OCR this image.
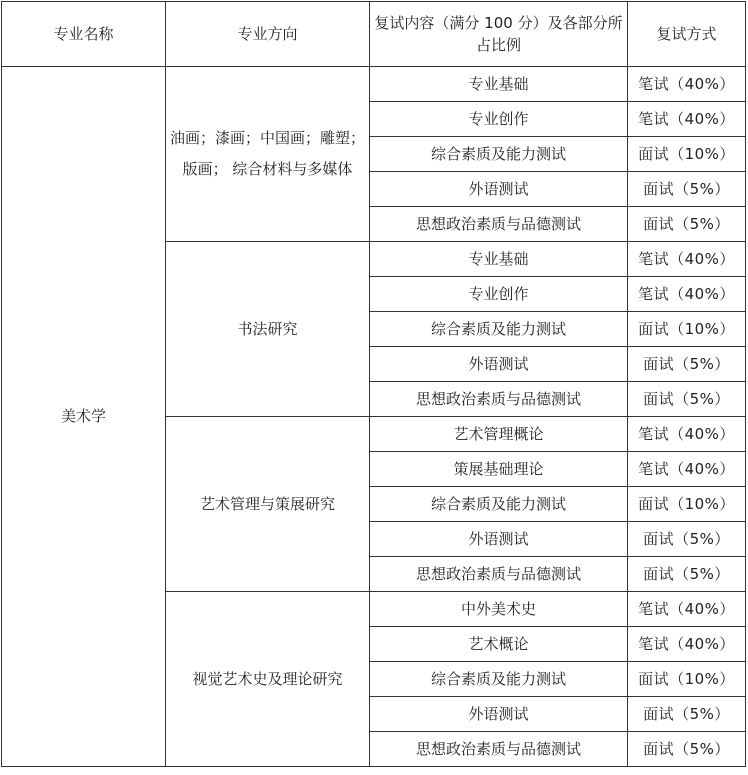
专业名称	专业方向	复试内容（满分 100 分）及各部分所占比例	复试方式
美术学	油画；漆画；中国画；雕塑；版画； 综合材料与多媒体	专业基础	笔试（40%）
		专业创作	笔试（40%）
		综合素质及能力测试	面试（10%）
		外语测试	面试（5%）
		思想政治素质与品德测试	面试（5%）
	书法研究	专业基础	笔试（40%）
		专业创作	笔试（40%）
		综合素质及能力测试	面试（10%）
		外语测试	面试（5%）
		思想政治素质与品德测试	面试（5%）
	艺术管理与策展研究	艺术管理概论	笔试（40%）
		策展基础理论	笔试（40%）
		综合素质及能力测试	面试（10%）
		外语测试	面试（5%）
		思想政治素质与品德测试	面试（5%）
	视觉艺术史及理论研究	中外美术史	笔试（40%）
		艺术概论	笔试（40%）
		综合素质及能力测试	面试（10%）
		外语测试	面试（5%）
		思想政治素质与品德测试	面试（5%）
